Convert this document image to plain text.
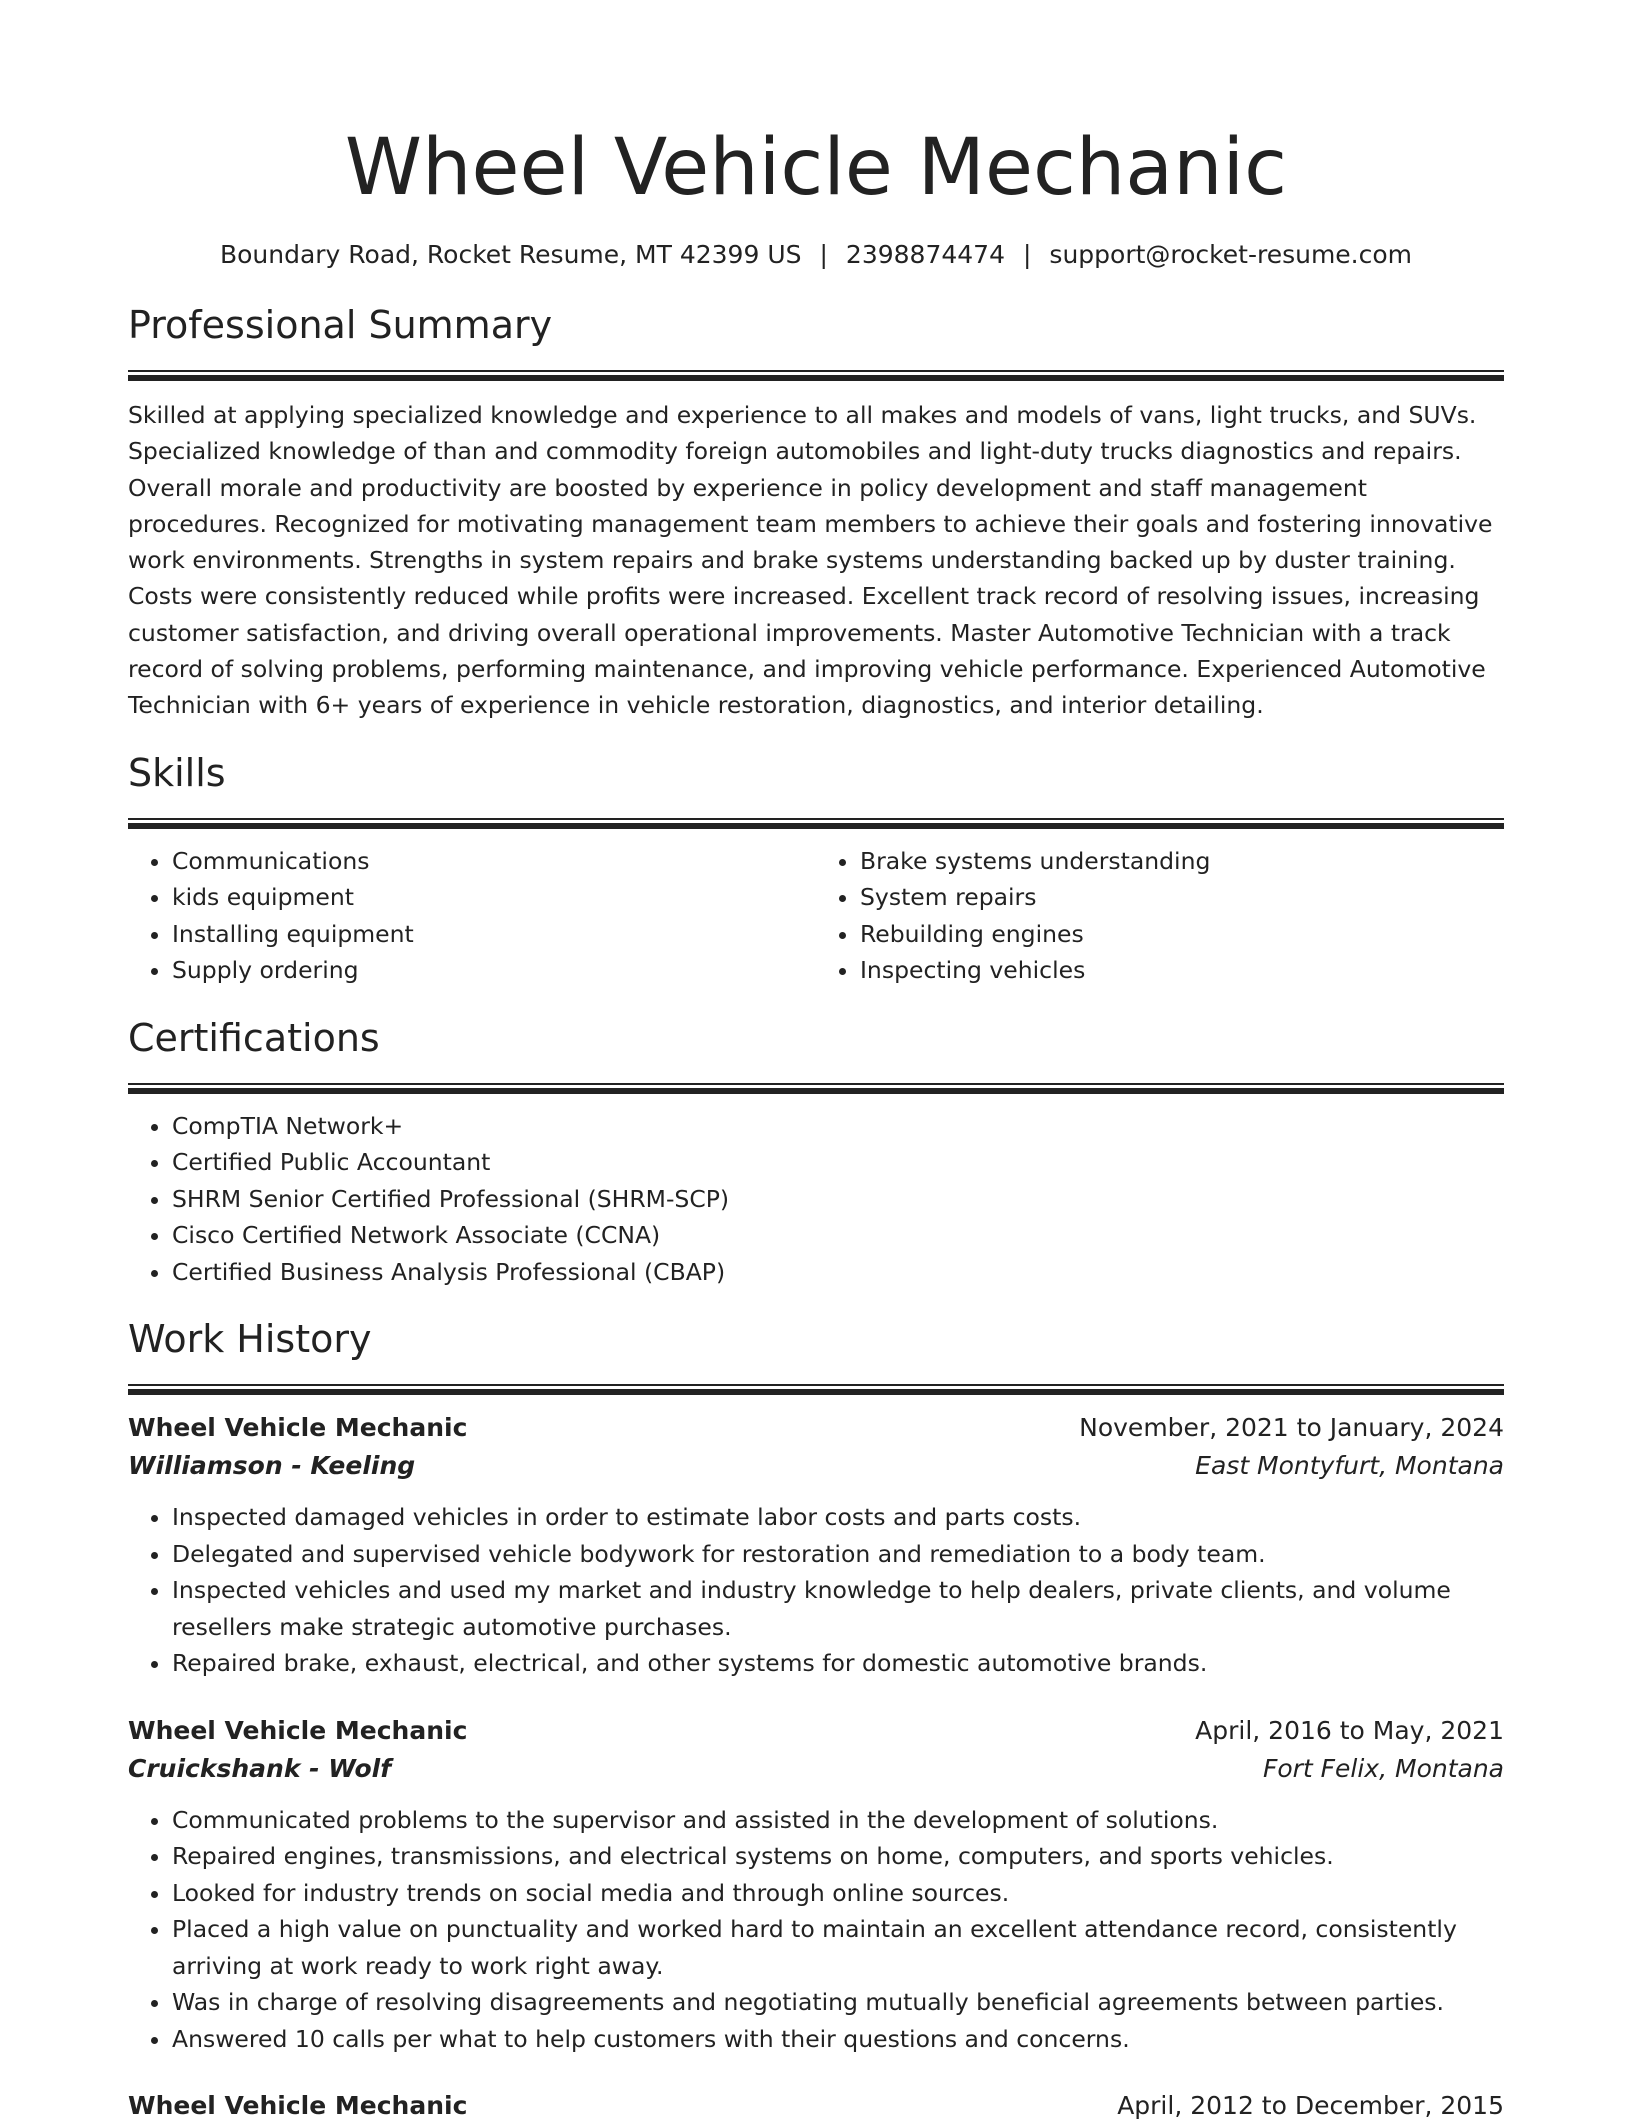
Wheel Vehicle Mechanic
Boundary Road, Rocket Resume, MT 42399 US | 2398874474 | support@rocket-resume.com
Professional Summary

Skilled at applying specialized knowledge and experience to all makes and models of vans, light trucks, and SUVs. Specialized knowledge of than and commodity foreign automobiles and light-duty trucks diagnostics and repairs. Overall morale and productivity are boosted by experience in policy development and staff management procedures. Recognized for motivating management team members to achieve their goals and fostering innovative work environments. Strengths in system repairs and brake systems understanding backed up by duster training. Costs were consistently reduced while profits were increased. Excellent track record of resolving issues, increasing customer satisfaction, and driving overall operational improvements. Master Automotive Technician with a track record of solving problems, performing maintenance, and improving vehicle performance. Experienced Automotive Technician with 6+ years of experience in vehicle restoration, diagnostics, and interior detailing.

Skills
• Communications
• kids equipment
• Installing equipment
• Supply ordering
• Brake systems understanding
• System repairs
• Rebuilding engines
• Inspecting vehicles
Certifications
• CompTIA Network+
• Certified Public Accountant
• SHRM Senior Certified Professional (SHRM-SCP)
• Cisco Certified Network Associate (CCNA)
• Certified Business Analysis Professional (CBAP)
Work History
Wheel Vehicle Mechanic	November, 2021 to January, 2024
Williamson - Keeling	East Montyfurt, Montana
• Inspected damaged vehicles in order to estimate labor costs and parts costs.
• Delegated and supervised vehicle bodywork for restoration and remediation to a body team.
• Inspected vehicles and used my market and industry knowledge to help dealers, private clients, and volume resellers make strategic automotive purchases.
• Repaired brake, exhaust, electrical, and other systems for domestic automotive brands.
Wheel Vehicle Mechanic	April, 2016 to May, 2021
Cruickshank - Wolf	Fort Felix, Montana
• Communicated problems to the supervisor and assisted in the development of solutions.
• Repaired engines, transmissions, and electrical systems on home, computers, and sports vehicles.
• Looked for industry trends on social media and through online sources.
• Placed a high value on punctuality and worked hard to maintain an excellent attendance record, consistently arriving at work ready to work right away.
• Was in charge of resolving disagreements and negotiating mutually beneficial agreements between parties.
• Answered 10 calls per what to help customers with their questions and concerns.
Wheel Vehicle Mechanic	April, 2012 to December, 2015
